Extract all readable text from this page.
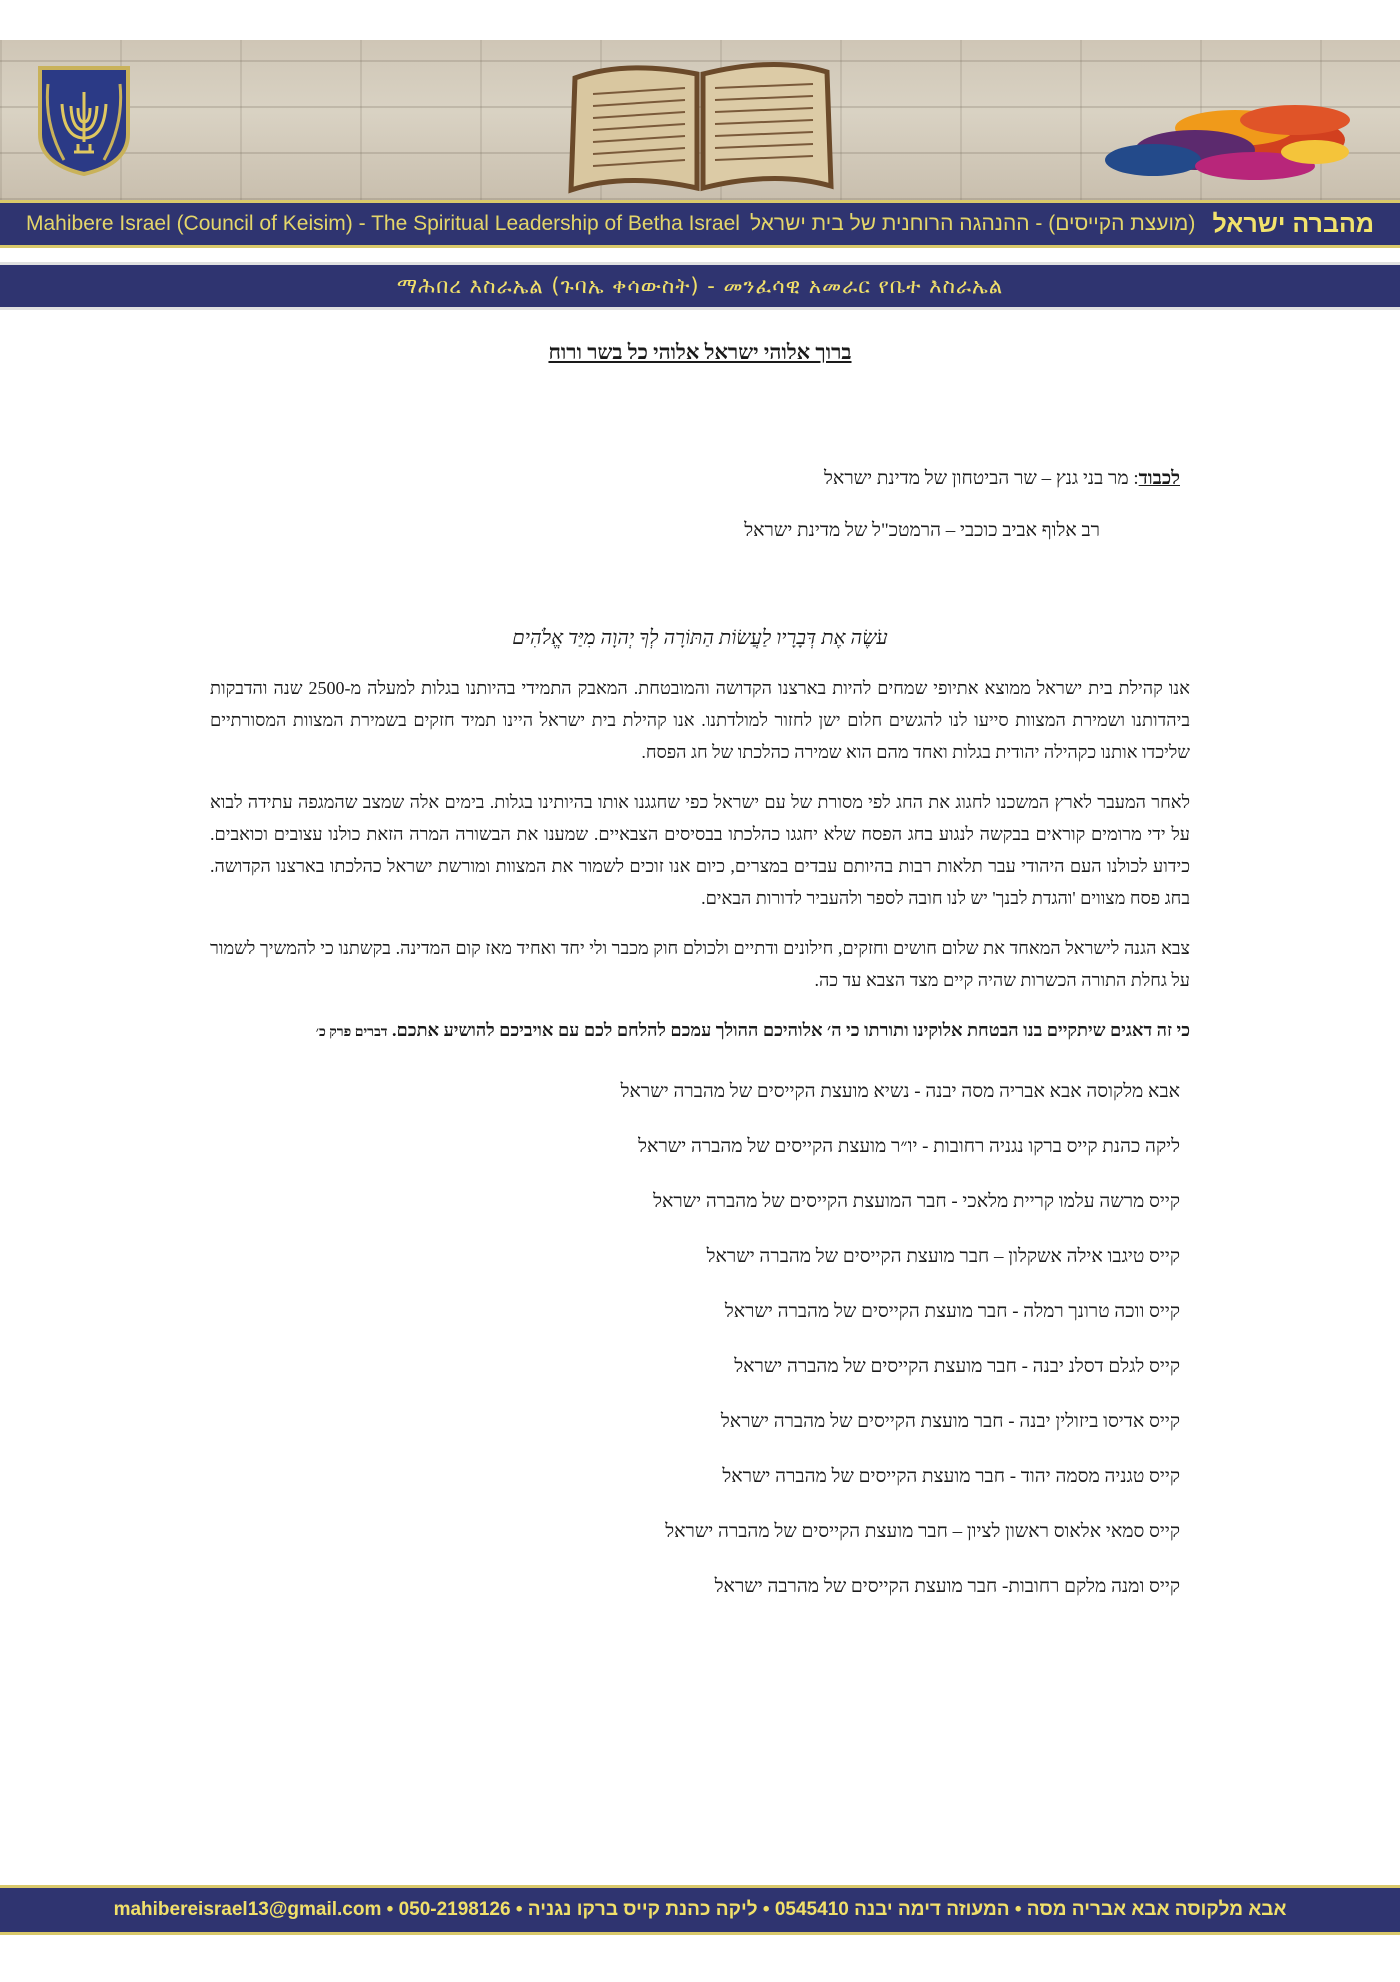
Mahibere Israel (Council of Keisim) - The Spiritual Leadership of Betha Israel (מועצת הקייסים) - ההנהגה הרוחנית של בית ישראל מהברה ישראל
ማሕበረ እስራኤል (ጉባኤ ቀሳውስት) - መንፈሳዊ አመራር የቤተ እስራኤል
ברוך אלוהי ישראל אלוהי כל בשר ורוח
לכבוד: מר בני גנץ – שר הביטחון של מדינת ישראל
רב אלוף אביב כוכבי – הרמטכ"ל של מדינת ישראל
עֹשֶׂה אֶת דְּבָרָיו לַעֲשׂוֹת הַתּוֹרָה לְךָ יְהוָה מִיַּד אֱלֹהִים

אנו קהילת בית ישראל ממוצא אתיופי שמחים להיות בארצנו הקדושה והמובטחת. המאבק התמידי בהיותנו בגלות למעלה מ-2500 שנה והדבקות ביהדותנו ושמירת המצוות סייעו לנו להגשים חלום ישן לחזור למולדתנו. אנו קהילת בית ישראל היינו תמיד חזקים בשמירת המצוות המסורתיים שליכדו אותנו כקהילה יהודית בגלות ואחד מהם הוא שמירה כהלכתו של חג הפסח.

לאחר המעבר לארץ המשכנו לחגוג את החג לפי מסורת של עם ישראל כפי שחגגנו אותו בהיותינו בגלות. בימים אלה שמצב שהמגפה עתידה לבוא על ידי מרומים קוראים בבקשה לנגוע בחג הפסח שלא יחגגו כהלכתו בבסיסים הצבאיים. שמענו את הבשורה המרה הזאת כולנו עצובים וכואבים. כידוע לכולנו העם היהודי עבר תלאות רבות בהיותם עבדים במצרים, כיום אנו זוכים לשמור את המצוות ומורשת ישראל כהלכתו בארצנו הקדושה. בחג פסח מצווים 'והגדת לבנך' יש לנו חובה לספר ולהעביר לדורות הבאים.

צבא הגנה לישראל המאחד את שלום חושים וחזקים, חילונים ודתיים ולכולם חוק מכבר ולי יחד ואחיד מאז קום המדינה. בקשתנו כי להמשיך לשמור על גחלת התורה הכשרות שהיה קיים מצד הצבא עד כה.

כי זה דאגים שיתקיים בנו הבטחת אלוקינו ותורתו כי ה׳ אלוהיכם ההולך עמכם להלחם לכם עם אויביכם להושיע אתכם. דברים פרק כ׳

אבא מלקוסה אבא אבריה מסה יבנה - נשיא מועצת הקייסים של מהברה ישראל

ליקה כהנת קייס ברקו נגניה רחובות - יו״ר מועצת הקייסים של מהברה ישראל

קייס מרשה עלמו קריית מלאכי - חבר המועצת הקייסים של מהברה ישראל

קייס טיגבו אילה אשקלון – חבר מועצת הקייסים של מהברה ישראל

קייס ווכה טרונך רמלה - חבר מועצת הקייסים של מהברה ישראל

קייס לגלם דסלנ יבנה - חבר מועצת הקייסים של מהברה ישראל

קייס אדיסו ביזולין יבנה - חבר מועצת הקייסים של מהברה ישראל

קייס טגניה מסמה יהוד - חבר מועצת הקייסים של מהברה ישראל

קייס סמאי אלאוס ראשון לציון – חבר מועצת הקייסים של מהברה ישראל

קייס ומנה מלקם רחובות- חבר מועצת הקייסים של מהרבה ישראל

אבא מלקוסה אבא אבריה מסה • המעוזה דימה יבנה 0545410 • ליקה כהנת קייס ברקו נגניה • 050-2198126 • mahibereisrael13@gmail.com
